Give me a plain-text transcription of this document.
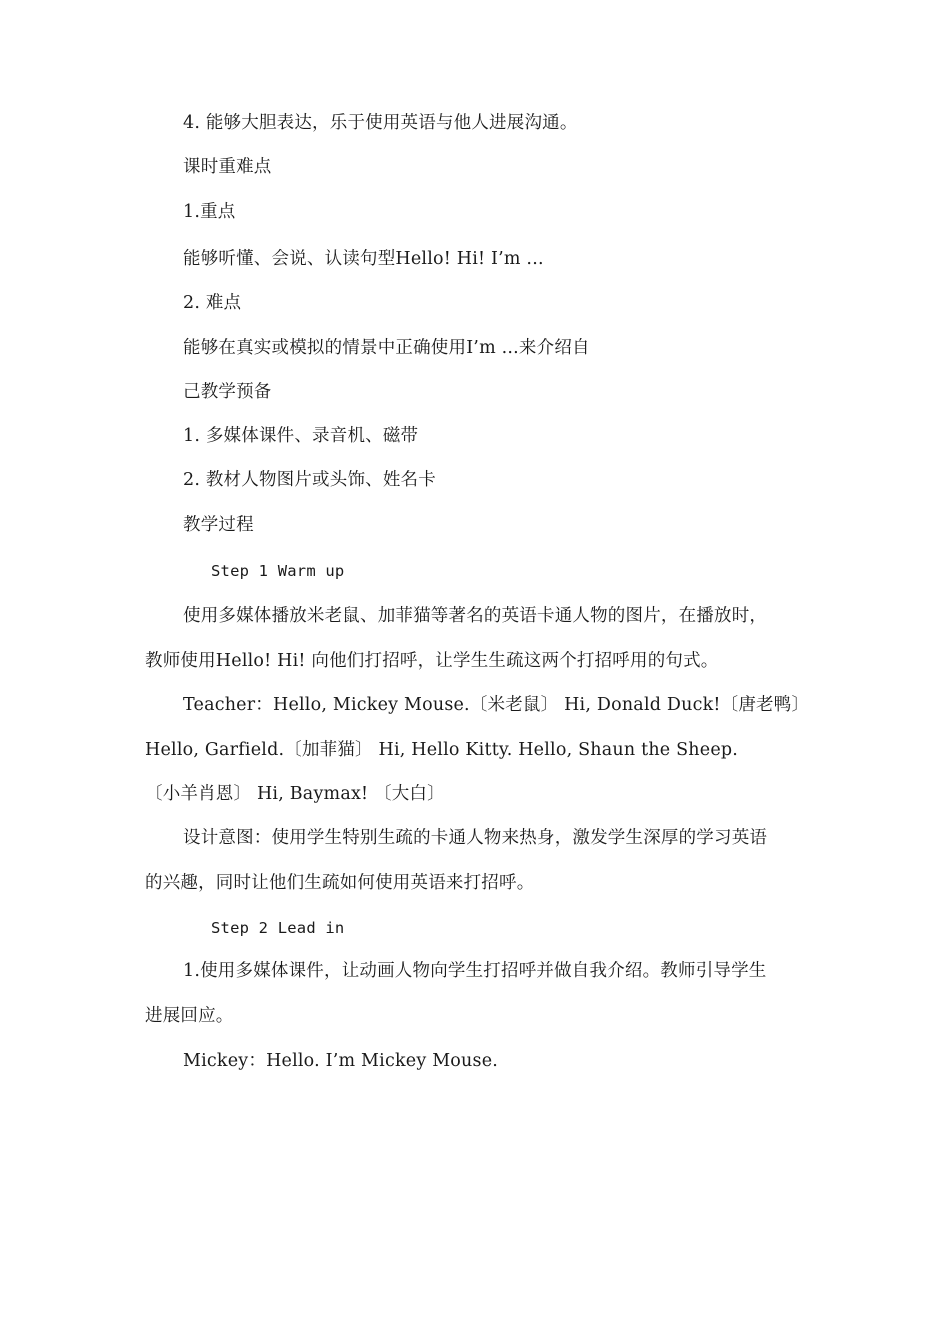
4. 能够大胆表达，乐于使用英语与他人进展沟通。
课时重难点
1.重点
能够听懂、会说、认读句型Hello! Hi! I’m ...
2. 难点
能够在真实或模拟的情景中正确使用I’m ...来介绍自
己教学预备
1. 多媒体课件、录音机、磁带
2. 教材人物图片或头饰、姓名卡
教学过程
Step 1 Warm up
使用多媒体播放米老鼠、加菲猫等著名的英语卡通人物的图片，在播放时，
教师使用Hello! Hi! 向他们打招呼，让学生生疏这两个打招呼用的句式。
Teacher：Hello, Mickey Mouse.〔米老鼠〕 Hi, Donald Duck!〔唐老鸭〕
Hello, Garfield.〔加菲猫〕 Hi, Hello Kitty. Hello, Shaun the Sheep.
〔小羊肖恩〕 Hi, Baymax! 〔大白〕
设计意图：使用学生特别生疏的卡通人物来热身，激发学生深厚的学习英语
的兴趣，同时让他们生疏如何使用英语来打招呼。
Step 2 Lead in
1.使用多媒体课件，让动画人物向学生打招呼并做自我介绍。教师引导学生
进展回应。
Mickey：Hello. I’m Mickey Mouse.
